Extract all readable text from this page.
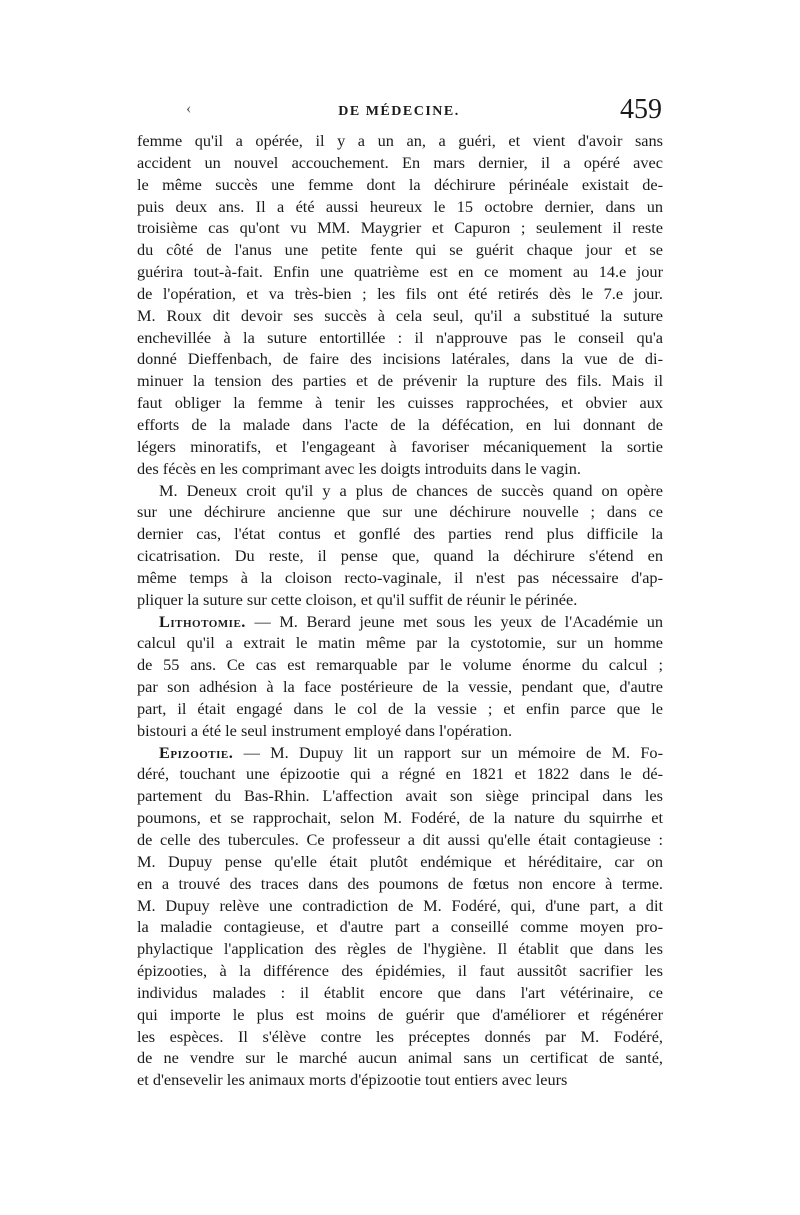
‹	DE MÉDECINE.	459

femme qu'il a opérée, il y a un an, a guéri, et vient d'avoir sans
accident un nouvel accouchement. En mars dernier, il a opéré avec
le même succès une femme dont la déchirure périnéale existait de-
puis deux ans. Il a été aussi heureux le 15 octobre dernier, dans un
troisième cas qu'ont vu MM. Maygrier et Capuron ; seulement il reste
du côté de l'anus une petite fente qui se guérit chaque jour et se
guérira tout-à-fait. Enfin une quatrième est en ce moment au 14.e jour
de l'opération, et va très-bien ; les fils ont été retirés dès le 7.e jour.
M. Roux dit devoir ses succès à cela seul, qu'il a substitué la suture
enchevillée à la suture entortillée : il n'approuve pas le conseil qu'a
donné Dieffenbach, de faire des incisions latérales, dans la vue de di-
minuer la tension des parties et de prévenir la rupture des fils. Mais il
faut obliger la femme à tenir les cuisses rapprochées, et obvier aux
efforts de la malade dans l'acte de la défécation, en lui donnant de
légers minoratifs, et l'engageant à favoriser mécaniquement la sortie
des fécès en les comprimant avec les doigts introduits dans le vagin.

M. Deneux croit qu'il y a plus de chances de succès quand on opère
sur une déchirure ancienne que sur une déchirure nouvelle ; dans ce
dernier cas, l'état contus et gonflé des parties rend plus difficile la
cicatrisation. Du reste, il pense que, quand la déchirure s'étend en
même temps à la cloison recto-vaginale, il n'est pas nécessaire d'ap-
pliquer la suture sur cette cloison, et qu'il suffit de réunir le périnée.

Lithotomie. — M. Berard jeune met sous les yeux de l'Académie un
calcul qu'il a extrait le matin même par la cystotomie, sur un homme
de 55 ans. Ce cas est remarquable par le volume énorme du calcul ;
par son adhésion à la face postérieure de la vessie, pendant que, d'autre
part, il était engagé dans le col de la vessie ; et enfin parce que le
bistouri a été le seul instrument employé dans l'opération.

Epizootie. — M. Dupuy lit un rapport sur un mémoire de M. Fo-
déré, touchant une épizootie qui a régné en 1821 et 1822 dans le dé-
partement du Bas-Rhin. L'affection avait son siège principal dans les
poumons, et se rapprochait, selon M. Fodéré, de la nature du squirrhe et
de celle des tubercules. Ce professeur a dit aussi qu'elle était contagieuse :
M. Dupuy pense qu'elle était plutôt endémique et héréditaire, car on
en a trouvé des traces dans des poumons de fœtus non encore à terme.
M. Dupuy relève une contradiction de M. Fodéré, qui, d'une part, a dit
la maladie contagieuse, et d'autre part a conseillé comme moyen pro-
phylactique l'application des règles de l'hygiène. Il établit que dans les
épizooties, à la différence des épidémies, il faut aussitôt sacrifier les
individus malades : il établit encore que dans l'art vétérinaire, ce
qui importe le plus est moins de guérir que d'améliorer et régénérer
les espèces. Il s'élève contre les préceptes donnés par M. Fodéré,
de ne vendre sur le marché aucun animal sans un certificat de santé,
et d'ensevelir les animaux morts d'épizootie tout entiers avec leurs
